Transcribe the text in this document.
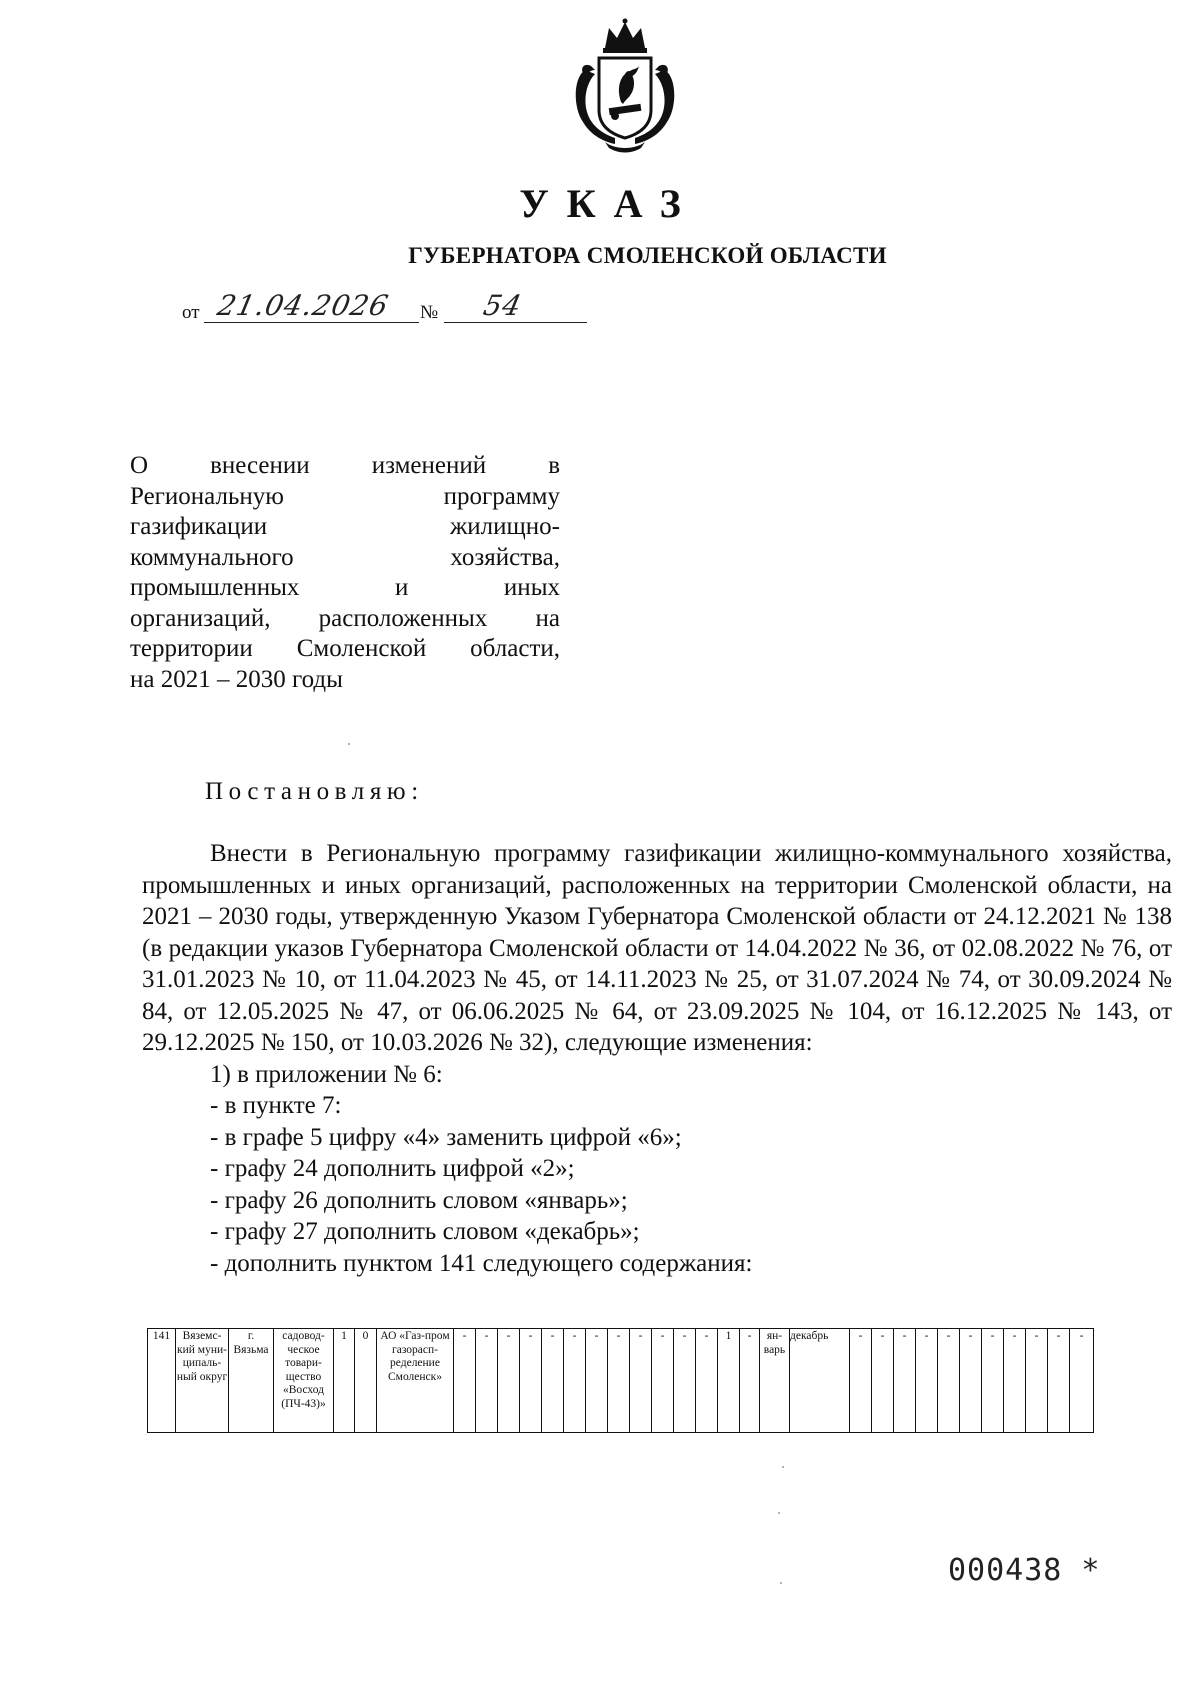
УКАЗ
ГУБЕРНАТОРА СМОЛЕНСКОЙ ОБЛАСТИ
от 21.04.2026 № 54
О внесении изменений в
Региональную программу
газификации жилищно-
коммунального хозяйства,
промышленных и иных
организаций, расположенных на
территории Смоленской области,
на 2021 – 2030 годы
Постановляю:

Внести в Региональную программу газификации жилищно-коммунального хозяйства, промышленных и иных организаций, расположенных на территории Смоленской области, на 2021 – 2030 годы, утвержденную Указом Губернатора Смоленской области от 24.12.2021 № 138 (в редакции указов Губернатора Смоленской области от 14.04.2022 № 36, от 02.08.2022 № 76, от 31.01.2023 № 10, от 11.04.2023 № 45, от 14.11.2023 № 25, от 31.07.2024 № 74, от 30.09.2024 № 84, от 12.05.2025 № 47, от 06.06.2025 № 64, от 23.09.2025 № 104, от 16.12.2025 № 143, от 29.12.2025 № 150, от 10.03.2026 № 32), следующие изменения:

1) в приложении № 6:

- в пункте 7:

- в графе 5 цифру «4» заменить цифрой «6»;

- графу 24 дополнить цифрой «2»;

- графу 26 дополнить словом «январь»;

- графу 27 дополнить словом «декабрь»;

- дополнить пунктом 141 следующего содержания:

141	Вяземс-кий муни-ципаль-ный округ	г. Вязьма	садовод-ческое товари-щество «Восход (ПЧ-43)»	1	0	АО «Газ-пром газорасп-ределение Смоленск»	-	-	-	-	-	-	-	-	-	-	-	-	1	-	ян-варь	декабрь	-	-	-	-	-	-	-	-	-	-	-
000438 *
